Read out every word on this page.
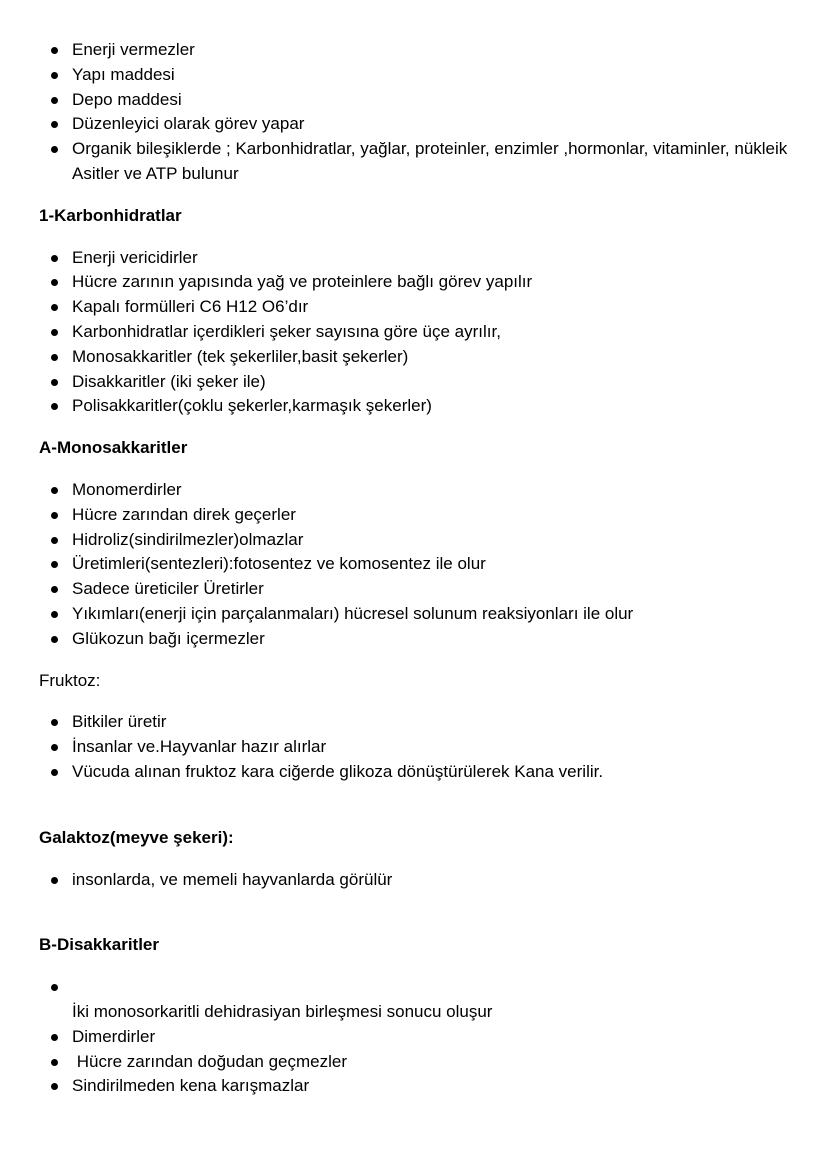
Enerji vermezler
Yapı maddesi
Depo maddesi
Düzenleyici olarak görev yapar
Organik bileşiklerde ; Karbonhidratlar, yağlar, proteinler, enzimler ,hormonlar, vitaminler, nükleik Asitler ve ATP bulunur

1-Karbonhidratlar

Enerji vericidirler
Hücre zarının yapısında yağ ve proteinlere bağlı görev yapılır
Kapalı formülleri C6 H12 O6’dır
Karbonhidratlar içerdikleri şeker sayısına göre üçe ayrılır,
Monosakkaritler (tek şekerliler,basit şekerler)
Disakkaritler (iki şeker ile)
Polisakkaritler(çoklu şekerler,karmaşık şekerler)

A-Monosakkaritler

Monomerdirler
Hücre zarından direk geçerler
Hidroliz(sindirilmezler)olmazlar
Üretimleri(sentezleri):fotosentez ve komosentez ile olur
Sadece üreticiler Üretirler
Yıkımları(enerji için parçalanmaları) hücresel solunum reaksiyonları ile olur
Glükozun bağı içermezler

Fruktoz:

Bitkiler üretir
İnsanlar ve.Hayvanlar hazır alırlar
Vücuda alınan fruktoz kara ciğerde glikoza dönüştürülerek Kana verilir.

Galaktoz(meyve şekeri):

insonlarda, ve memeli hayvanlarda görülür

B-Disakkaritler

İki monosorkaritli dehidrasiyan birleşmesi sonucu oluşur
Dimerdirler
Hücre zarından doğudan geçmezler
Sindirilmeden kena karışmazlar
